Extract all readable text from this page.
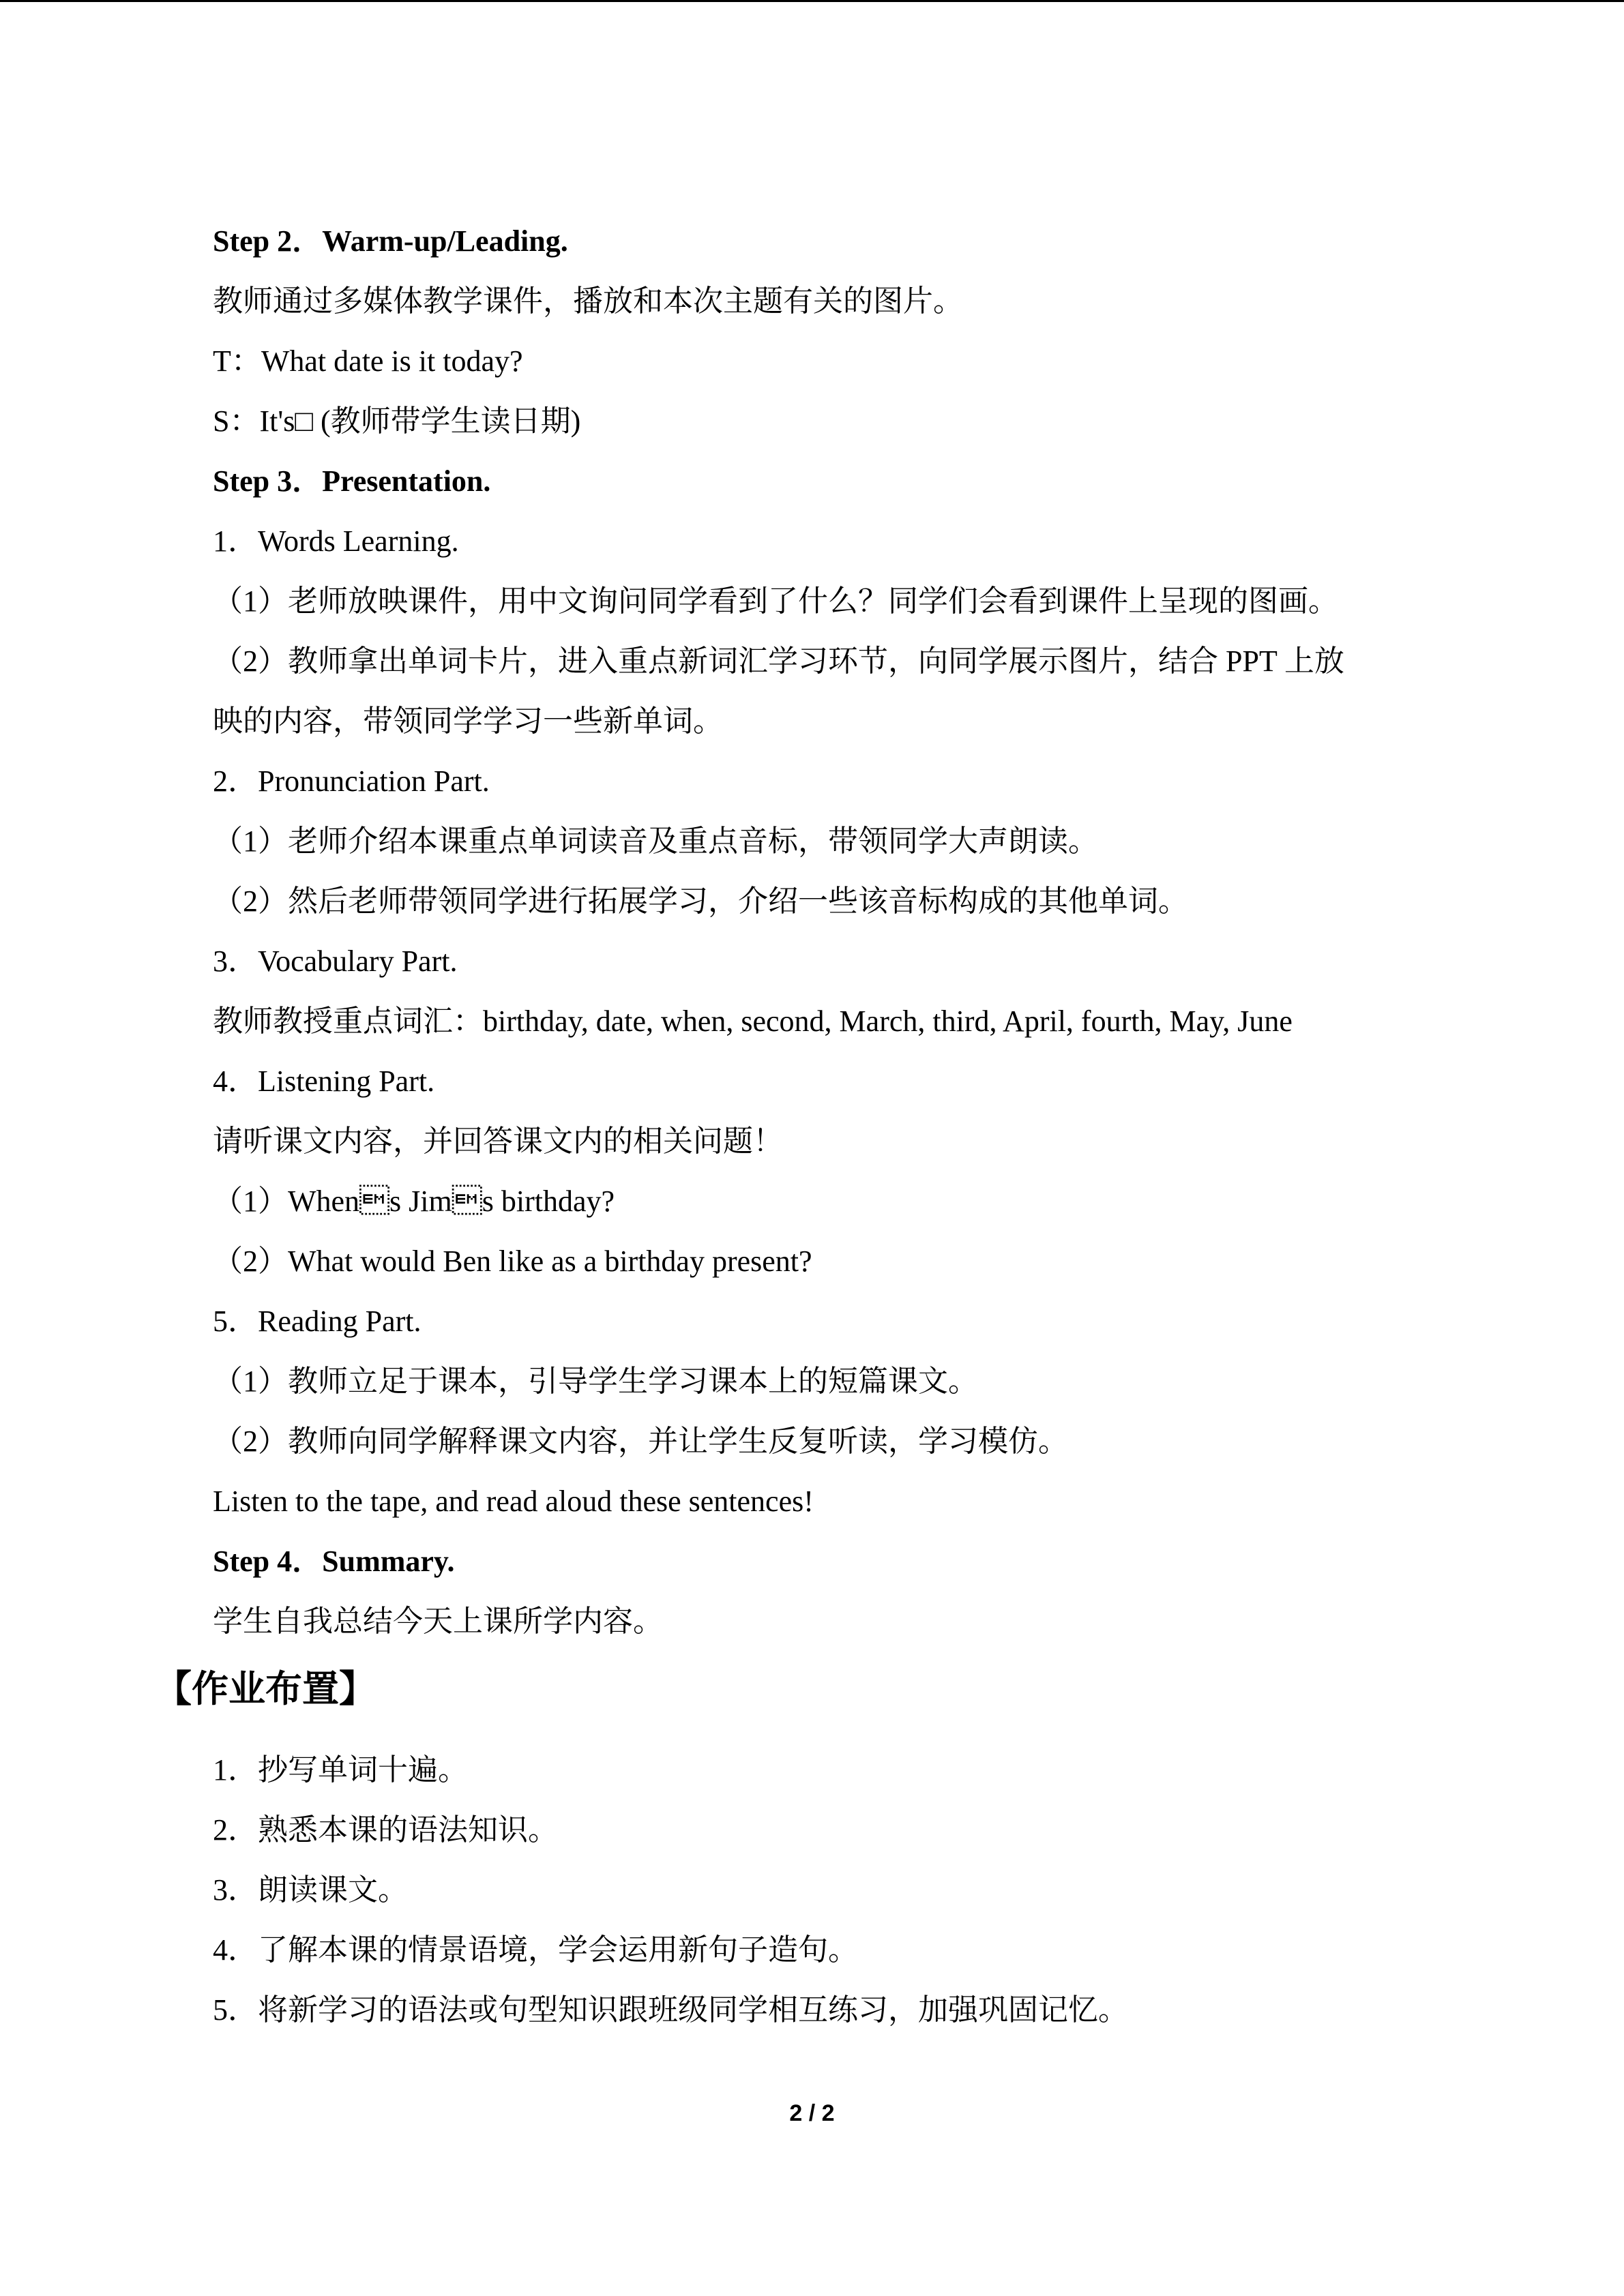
Step 2．Warm-up/Leading.
教师通过多媒体教学课件，播放和本次主题有关的图片。
T：What date is it today?
S：It's□ (教师带学生读日期)
Step 3．Presentation.
1．Words Learning.
（1）老师放映课件，用中文询问同学看到了什么？同学们会看到课件上呈现的图画。
（2）教师拿出单词卡片，进入重点新词汇学习环节，向同学展示图片，结合 PPT 上放
映的内容，带领同学学习一些新单词。
2．Pronunciation Part.
（1）老师介绍本课重点单词读音及重点音标，带领同学大声朗读。
（2）然后老师带领同学进行拓展学习，介绍一些该音标构成的其他单词。
3．Vocabulary Part.
教师教授重点词汇：birthday, date, when, second, March, third, April, fourth, May, June
4．Listening Part.
请听课文内容，并回答课文内的相关问题！
（1）Whens Jims birthday?
（2）What would Ben like as a birthday present?
5．Reading Part.
（1）教师立足于课本，引导学生学习课本上的短篇课文。
（2）教师向同学解释课文内容，并让学生反复听读，学习模仿。
Listen to the tape, and read aloud these sentences!
Step 4．Summary.
学生自我总结今天上课所学内容。
【作业布置】
1．抄写单词十遍。
2．熟悉本课的语法知识。
3．朗读课文。
4．了解本课的情景语境，学会运用新句子造句。
5．将新学习的语法或句型知识跟班级同学相互练习，加强巩固记忆。
2 / 2
